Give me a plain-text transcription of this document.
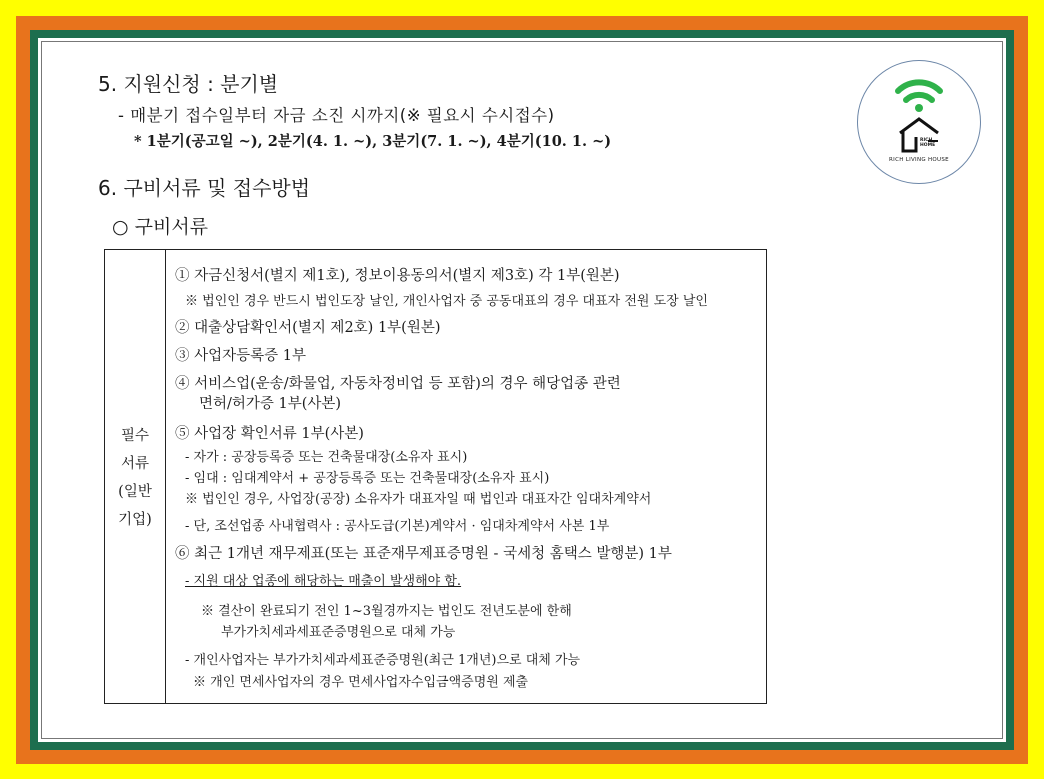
5. 지원신청 : 분기별
- 매분기 접수일부터 자금 소진 시까지(※ 필요시 수시접수)
* 1분기(공고일 ~), 2분기(4. 1. ~), 3분기(7. 1. ~), 4분기(10. 1. ~)
6. 구비서류 및 접수방법
○ 구비서류
RICH
HOME
RICH LIVING HOUSE
필수
서류
(일반
기업)
① 자금신청서(별지 제1호), 정보이용동의서(별지 제3호) 각 1부(원본)
※ 법인인 경우 반드시 법인도장 날인, 개인사업자 중 공동대표의 경우 대표자 전원 도장 날인
② 대출상담확인서(별지 제2호) 1부(원본)
③ 사업자등록증 1부
④ 서비스업(운송/화물업, 자동차정비업 등 포함)의 경우 해당업종 관련
면허/허가증 1부(사본)
⑤ 사업장 확인서류 1부(사본)
- 자가 : 공장등록증 또는 건축물대장(소유자 표시)
- 임대 : 임대계약서 + 공장등록증 또는 건축물대장(소유자 표시)
※ 법인인 경우, 사업장(공장) 소유자가 대표자일 때 법인과 대표자간 임대차계약서
- 단, 조선업종 사내협력사 : 공사도급(기본)계약서 · 임대차계약서 사본 1부
⑥ 최근 1개년 재무제표(또는 표준재무제표증명원 - 국세청 홈택스 발행분) 1부
- 지원 대상 업종에 해당하는 매출이 발생해야 함.
※ 결산이 완료되기 전인 1~3월경까지는 법인도 전년도분에 한해
부가가치세과세표준증명원으로 대체 가능
- 개인사업자는 부가가치세과세표준증명원(최근 1개년)으로 대체 가능
※ 개인 면세사업자의 경우 면세사업자수입금액증명원 제출
